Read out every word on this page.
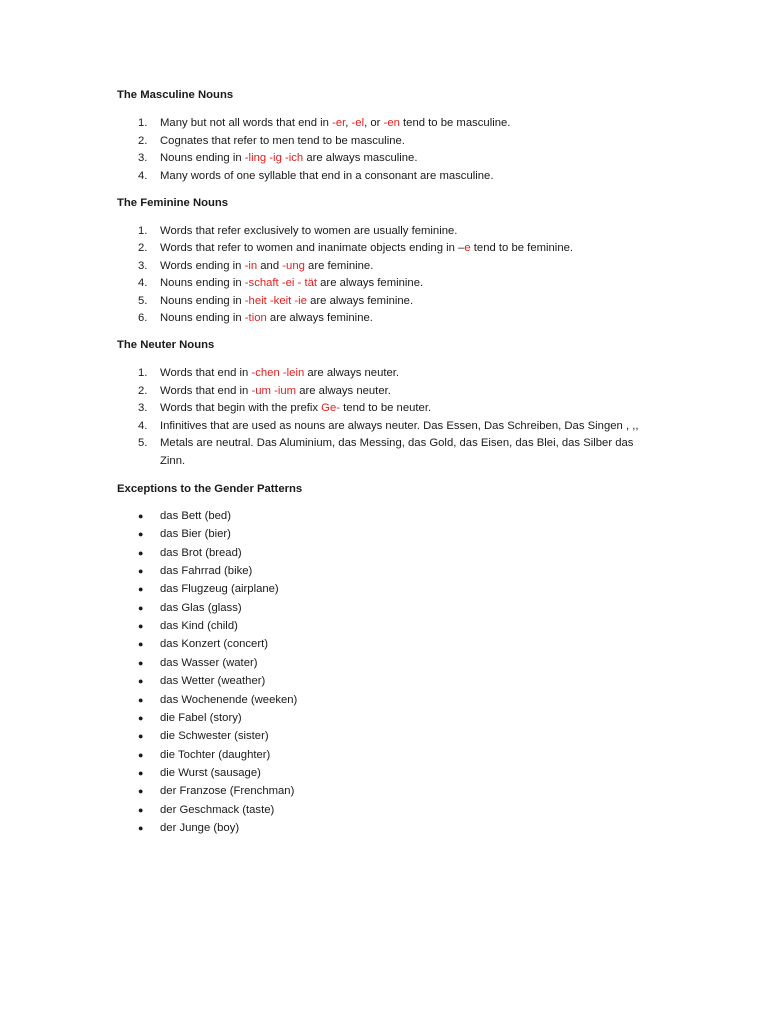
The Masculine Nouns
1. Many but not all words that end in -er, -el, or -en tend to be masculine.
2. Cognates that refer to men tend to be masculine.
3. Nouns ending in -ling -ig -ich are always masculine.
4. Many words of one syllable that end in a consonant are masculine.
The Feminine Nouns
1. Words that refer exclusively to women are usually feminine.
2. Words that refer to women and inanimate objects ending in –e tend to be feminine.
3. Words ending in -in and -ung are feminine.
4. Nouns ending in -schaft -ei - tät are always feminine.
5. Nouns ending in -heit -keit -ie are always feminine.
6. Nouns ending in -tion are always feminine.
The Neuter Nouns
1. Words that end in -chen -lein are always neuter.
2. Words that end in -um -ium are always neuter.
3. Words that begin with the prefix Ge- tend to be neuter.
4. Infinitives that are used as nouns are always neuter. Das Essen, Das Schreiben, Das Singen , ,,
5. Metals are neutral. Das Aluminium, das Messing, das Gold, das Eisen, das Blei, das Silber das
Zinn.
Exceptions to the Gender Patterns
● das Bett (bed)
● das Bier (bier)
● das Brot (bread)
● das Fahrrad (bike)
● das Flugzeug (airplane)
● das Glas (glass)
● das Kind (child)
● das Konzert (concert)
● das Wasser (water)
● das Wetter (weather)
● das Wochenende (weeken)
● die Fabel (story)
● die Schwester (sister)
● die Tochter (daughter)
● die Wurst (sausage)
● der Franzose (Frenchman)
● der Geschmack (taste)
● der Junge (boy)
